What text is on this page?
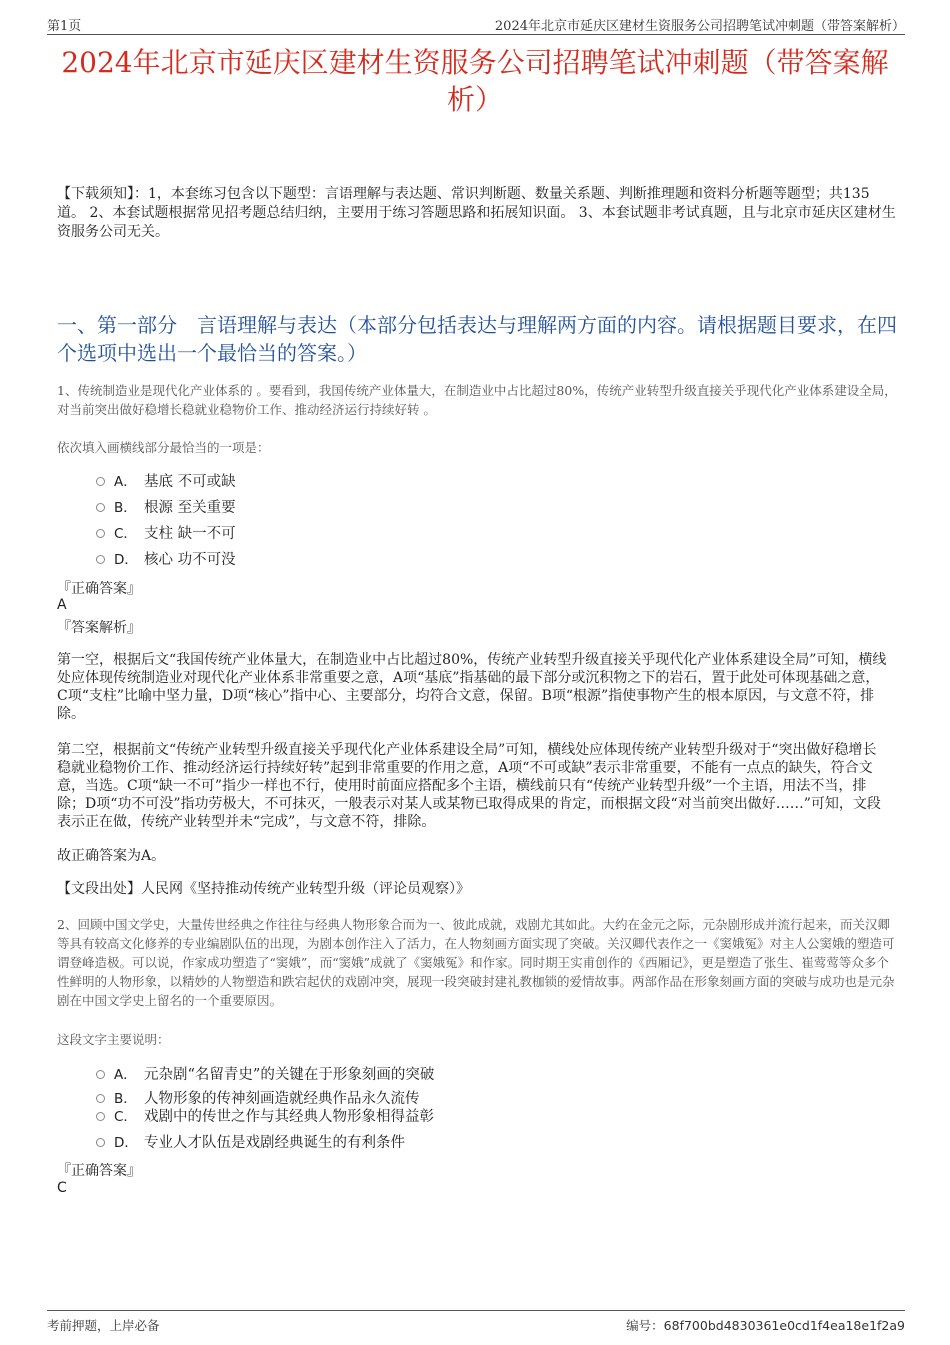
第1页	2024年北京市延庆区建材生资服务公司招聘笔试冲刺题（带答案解析）
2024年北京市延庆区建材生资服务公司招聘笔试冲刺题（带答案解析）

【下载须知】：1，本套练习包含以下题型：言语理解与表达题、常识判断题、数量关系题、判断推理题和资料分析题等题型；共135道。 2、本套试题根据常见招考题总结归纳，主要用于练习答题思路和拓展知识面。 3、本套试题非考试真题，且与北京市延庆区建材生资服务公司无关。

一、第一部分　言语理解与表达（本部分包括表达与理解两方面的内容。请根据题目要求，在四个选项中选出一个最恰当的答案。）

1、传统制造业是现代化产业体系的 。要看到，我国传统产业体量大，在制造业中占比超过80%，传统产业转型升级直接关乎现代化产业体系建设全局，对当前突出做好稳增长稳就业稳物价工作、推动经济运行持续好转 。

依次填入画横线部分最恰当的一项是：

A． 基底 不可或缺
B． 根源 至关重要
C． 支柱 缺一不可
D． 核心 功不可没

『正确答案』

A

『答案解析』

第一空，根据后文“我国传统产业体量大，在制造业中占比超过80%，传统产业转型升级直接关乎现代化产业体系建设全局”可知，横线处应体现传统制造业对现代化产业体系非常重要之意，A项“基底”指基础的最下部分或沉积物之下的岩石，置于此处可体现基础之意，C项“支柱”比喻中坚力量，D项“核心”指中心、主要部分，均符合文意，保留。B项“根源”指使事物产生的根本原因，与文意不符，排除。

第二空，根据前文“传统产业转型升级直接关乎现代化产业体系建设全局”可知，横线处应体现传统产业转型升级对于“突出做好稳增长稳就业稳物价工作、推动经济运行持续好转”起到非常重要的作用之意，A项“不可或缺”表示非常重要，不能有一点点的缺失，符合文意，当选。C项“缺一不可”指少一样也不行，使用时前面应搭配多个主语，横线前只有“传统产业转型升级”一个主语，用法不当，排除；D项“功不可没”指功劳极大，不可抹灭，一般表示对某人或某物已取得成果的肯定，而根据文段“对当前突出做好……”可知，文段表示正在做，传统产业转型并未“完成”，与文意不符，排除。

故正确答案为A。

【文段出处】人民网《坚持推动传统产业转型升级（评论员观察）》

2、回顾中国文学史，大量传世经典之作往往与经典人物形象合而为一、彼此成就，戏剧尤其如此。大约在金元之际，元杂剧形成并流行起来，而关汉卿等具有较高文化修养的专业编剧队伍的出现，为剧本创作注入了活力，在人物刻画方面实现了突破。关汉卿代表作之一《窦娥冤》对主人公窦娥的塑造可谓登峰造极。可以说，作家成功塑造了“窦娥”，而“窦娥”成就了《窦娥冤》和作家。同时期王实甫创作的《西厢记》，更是塑造了张生、崔莺莺等众多个性鲜明的人物形象，以精妙的人物塑造和跌宕起伏的戏剧冲突，展现一段突破封建礼教枷锁的爱情故事。两部作品在形象刻画方面的突破与成功也是元杂剧在中国文学史上留名的一个重要原因。

这段文字主要说明：

A． 元杂剧“名留青史”的关键在于形象刻画的突破
B． 人物形象的传神刻画造就经典作品永久流传
C． 戏剧中的传世之作与其经典人物形象相得益彰
D． 专业人才队伍是戏剧经典诞生的有利条件

『正确答案』

C

考前押题，上岸必备	编号：68f700bd4830361e0cd1f4ea18e1f2a9
